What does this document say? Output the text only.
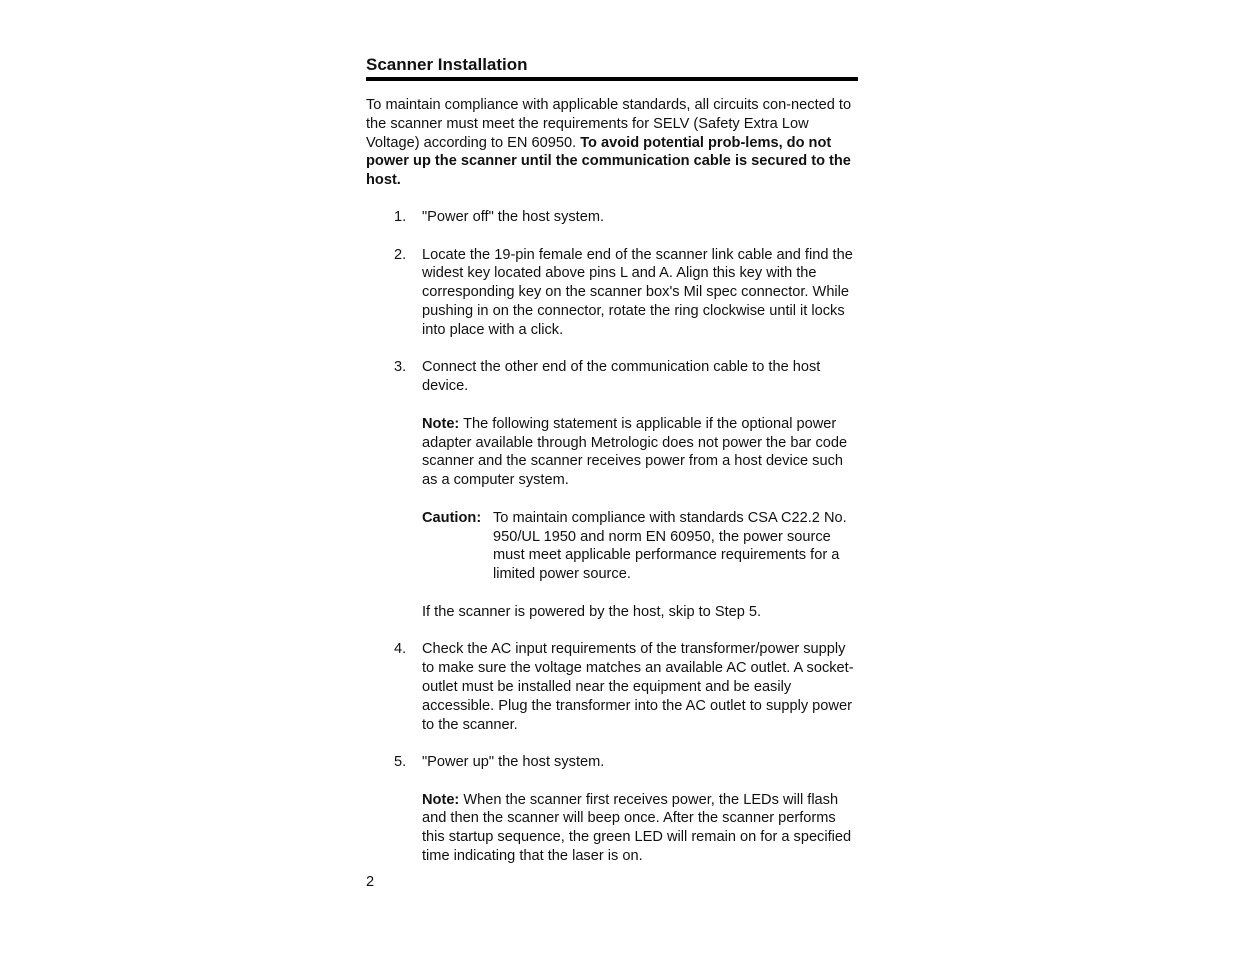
Scanner Installation

To maintain compliance with applicable standards, all circuits con-nected to the scanner must meet the requirements for SELV (Safety Extra Low Voltage) according to EN 60950. To avoid potential prob-lems, do not power up the scanner until the communication cable is secured to the host.

1. "Power off" the host system.
2. Locate the 19-pin female end of the scanner link cable and find the widest key located above pins L and A. Align this key with the corresponding key on the scanner box's Mil spec connector. While pushing in on the connector, rotate the ring clockwise until it locks into place with a click.
3. Connect the other end of the communication cable to the host device.
Note: The following statement is applicable if the optional power adapter available through Metrologic does not power the bar code scanner and the scanner receives power from a host device such as a computer system.
Caution: To maintain compliance with standards CSA C22.2 No. 950/UL 1950 and norm EN 60950, the power source must meet applicable performance requirements for a limited power source.
If the scanner is powered by the host, skip to Step 5.
4. Check the AC input requirements of the transformer/power supply to make sure the voltage matches an available AC outlet. A socket-outlet must be installed near the equipment and be easily accessible. Plug the transformer into the AC outlet to supply power to the scanner.
5. "Power up" the host system.
Note: When the scanner first receives power, the LEDs will flash and then the scanner will beep once. After the scanner performs this startup sequence, the green LED will remain on for a specified time indicating that the laser is on.
2
